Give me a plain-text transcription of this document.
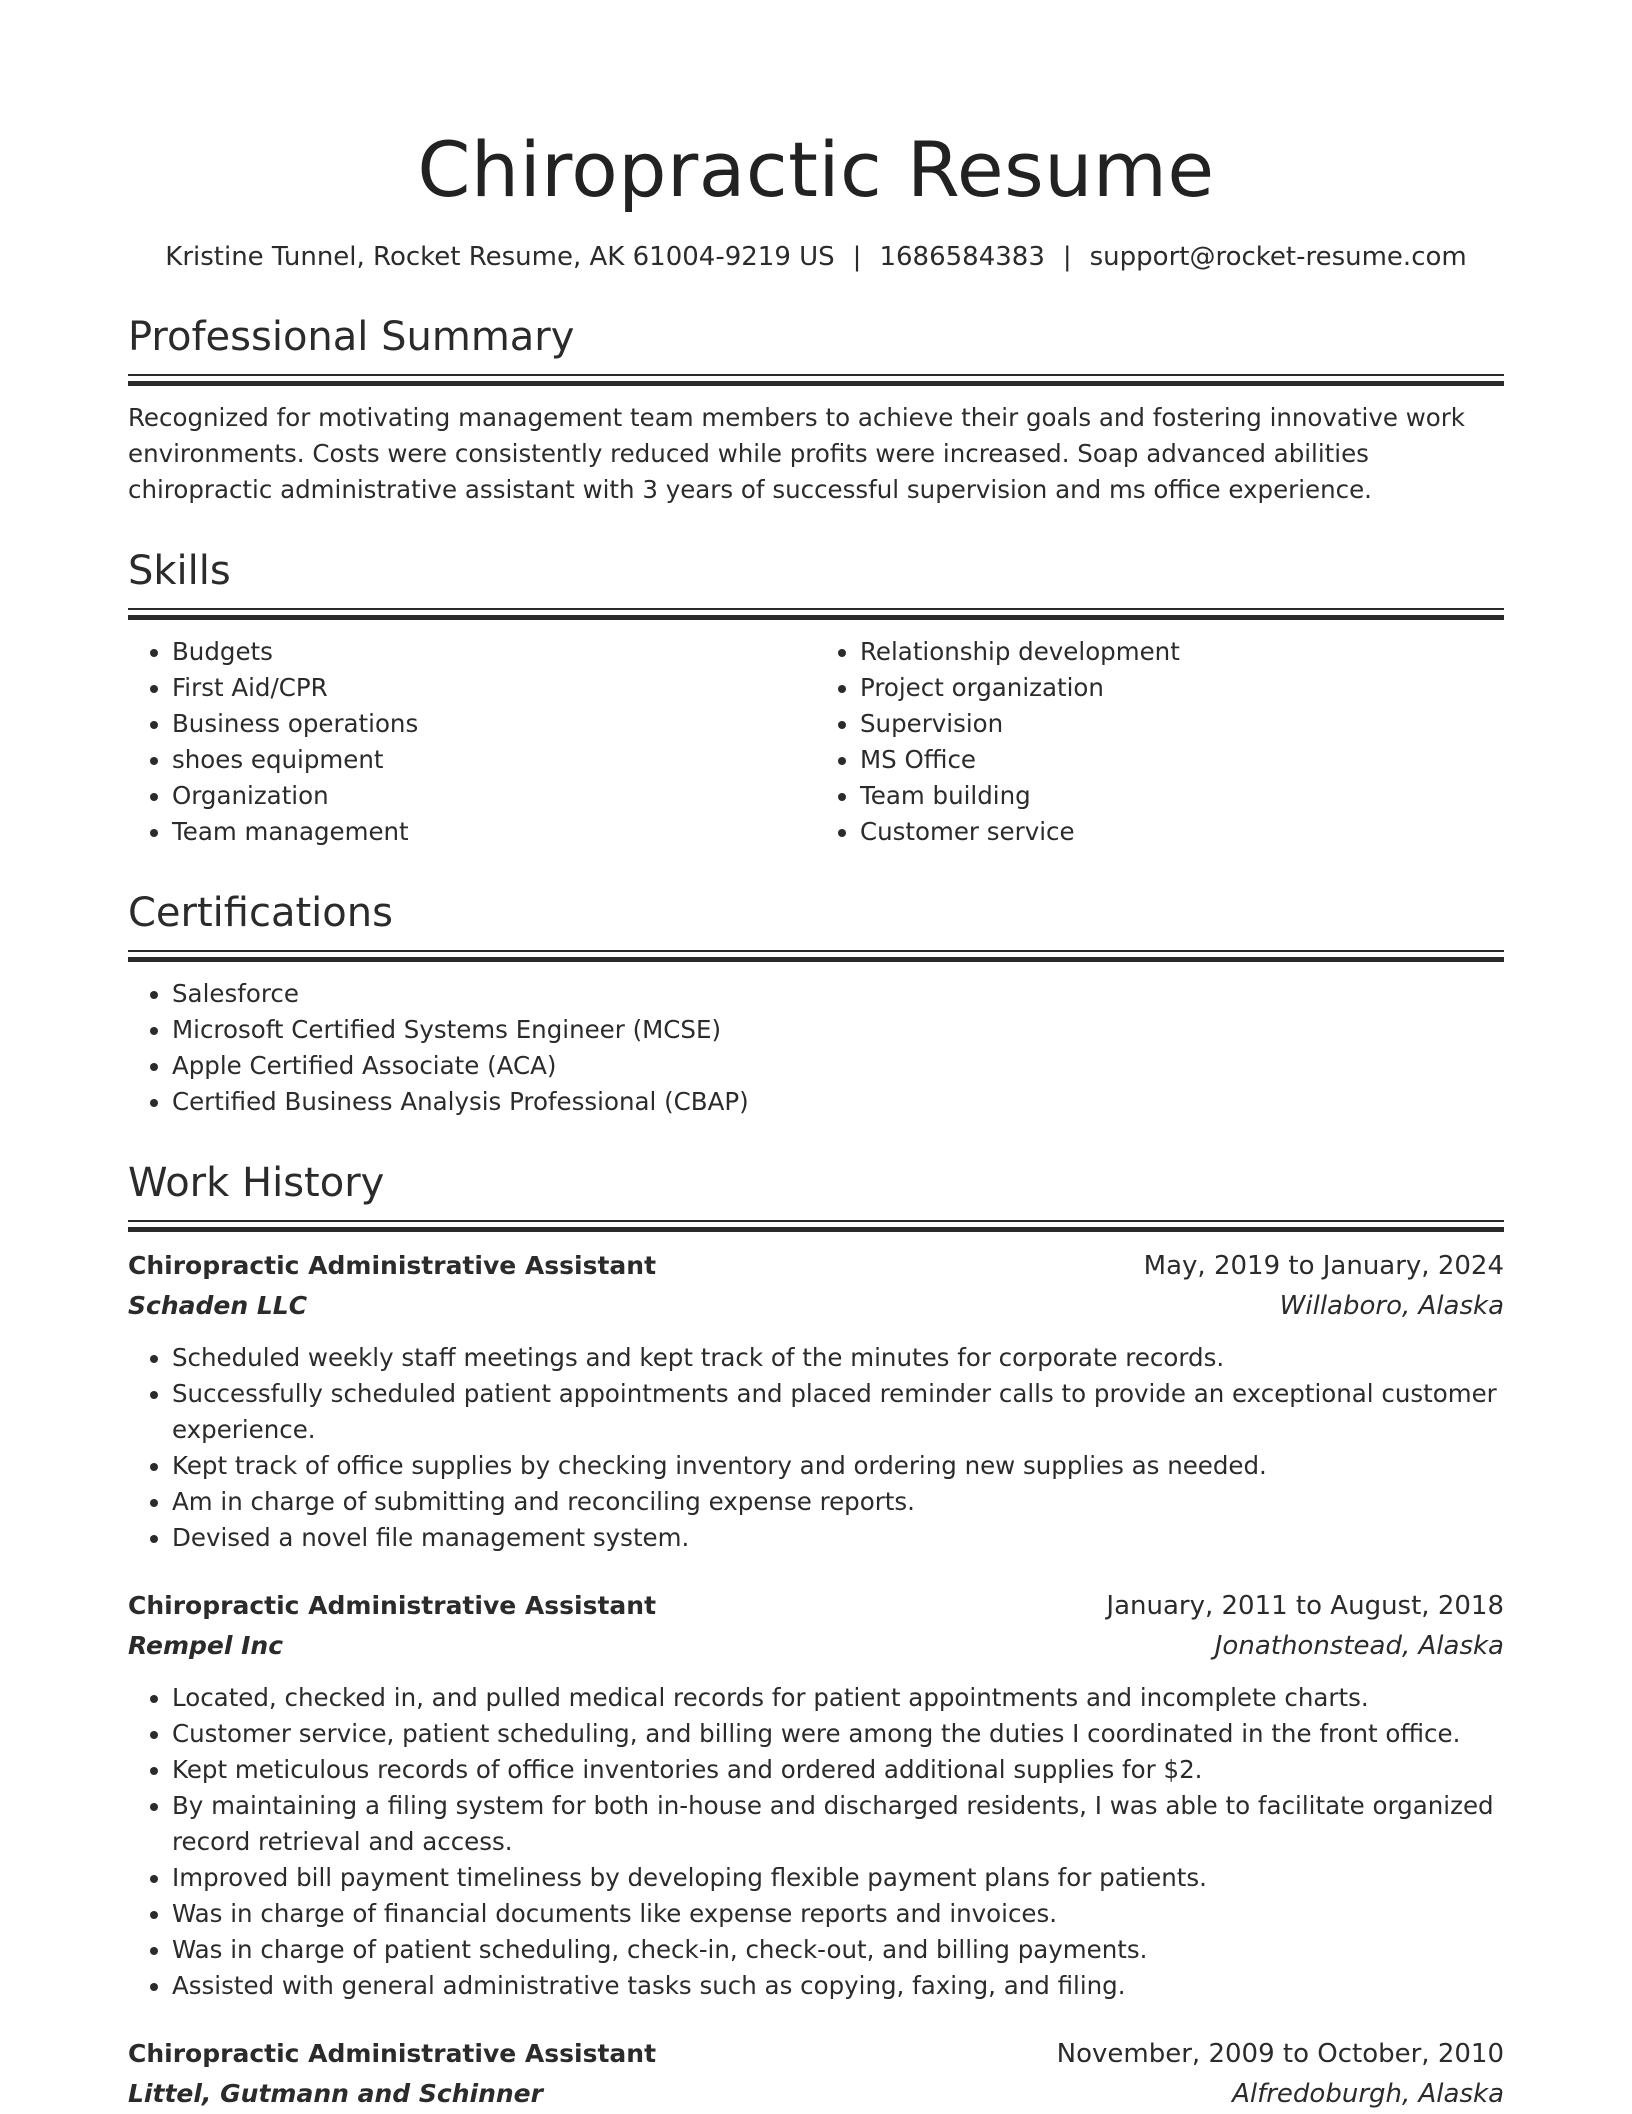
Chiropractic Resume
Kristine Tunnel, Rocket Resume, AK 61004-9219 US | 1686584383 | support@rocket-resume.com
Professional Summary

Recognized for motivating management team members to achieve their goals and fostering innovative work environments. Costs were consistently reduced while profits were increased. Soap advanced abilities chiropractic administrative assistant with 3 years of successful supervision and ms office experience.

Skills
• Budgets
• First Aid/CPR
• Business operations
• shoes equipment
• Organization
• Team management
• Relationship development
• Project organization
• Supervision
• MS Office
• Team building
• Customer service
Certifications
• Salesforce
• Microsoft Certified Systems Engineer (MCSE)
• Apple Certified Associate (ACA)
• Certified Business Analysis Professional (CBAP)
Work History
Chiropractic Administrative Assistant	May, 2019 to January, 2024
Schaden LLC	Willaboro, Alaska
• Scheduled weekly staff meetings and kept track of the minutes for corporate records.
• Successfully scheduled patient appointments and placed reminder calls to provide an exceptional customer experience.
• Kept track of office supplies by checking inventory and ordering new supplies as needed.
• Am in charge of submitting and reconciling expense reports.
• Devised a novel file management system.
Chiropractic Administrative Assistant	January, 2011 to August, 2018
Rempel Inc	Jonathonstead, Alaska
• Located, checked in, and pulled medical records for patient appointments and incomplete charts.
• Customer service, patient scheduling, and billing were among the duties I coordinated in the front office.
• Kept meticulous records of office inventories and ordered additional supplies for $2.
• By maintaining a filing system for both in-house and discharged residents, I was able to facilitate organized record retrieval and access.
• Improved bill payment timeliness by developing flexible payment plans for patients.
• Was in charge of financial documents like expense reports and invoices.
• Was in charge of patient scheduling, check-in, check-out, and billing payments.
• Assisted with general administrative tasks such as copying, faxing, and filing.
Chiropractic Administrative Assistant	November, 2009 to October, 2010
Littel, Gutmann and Schinner	Alfredoburgh, Alaska
